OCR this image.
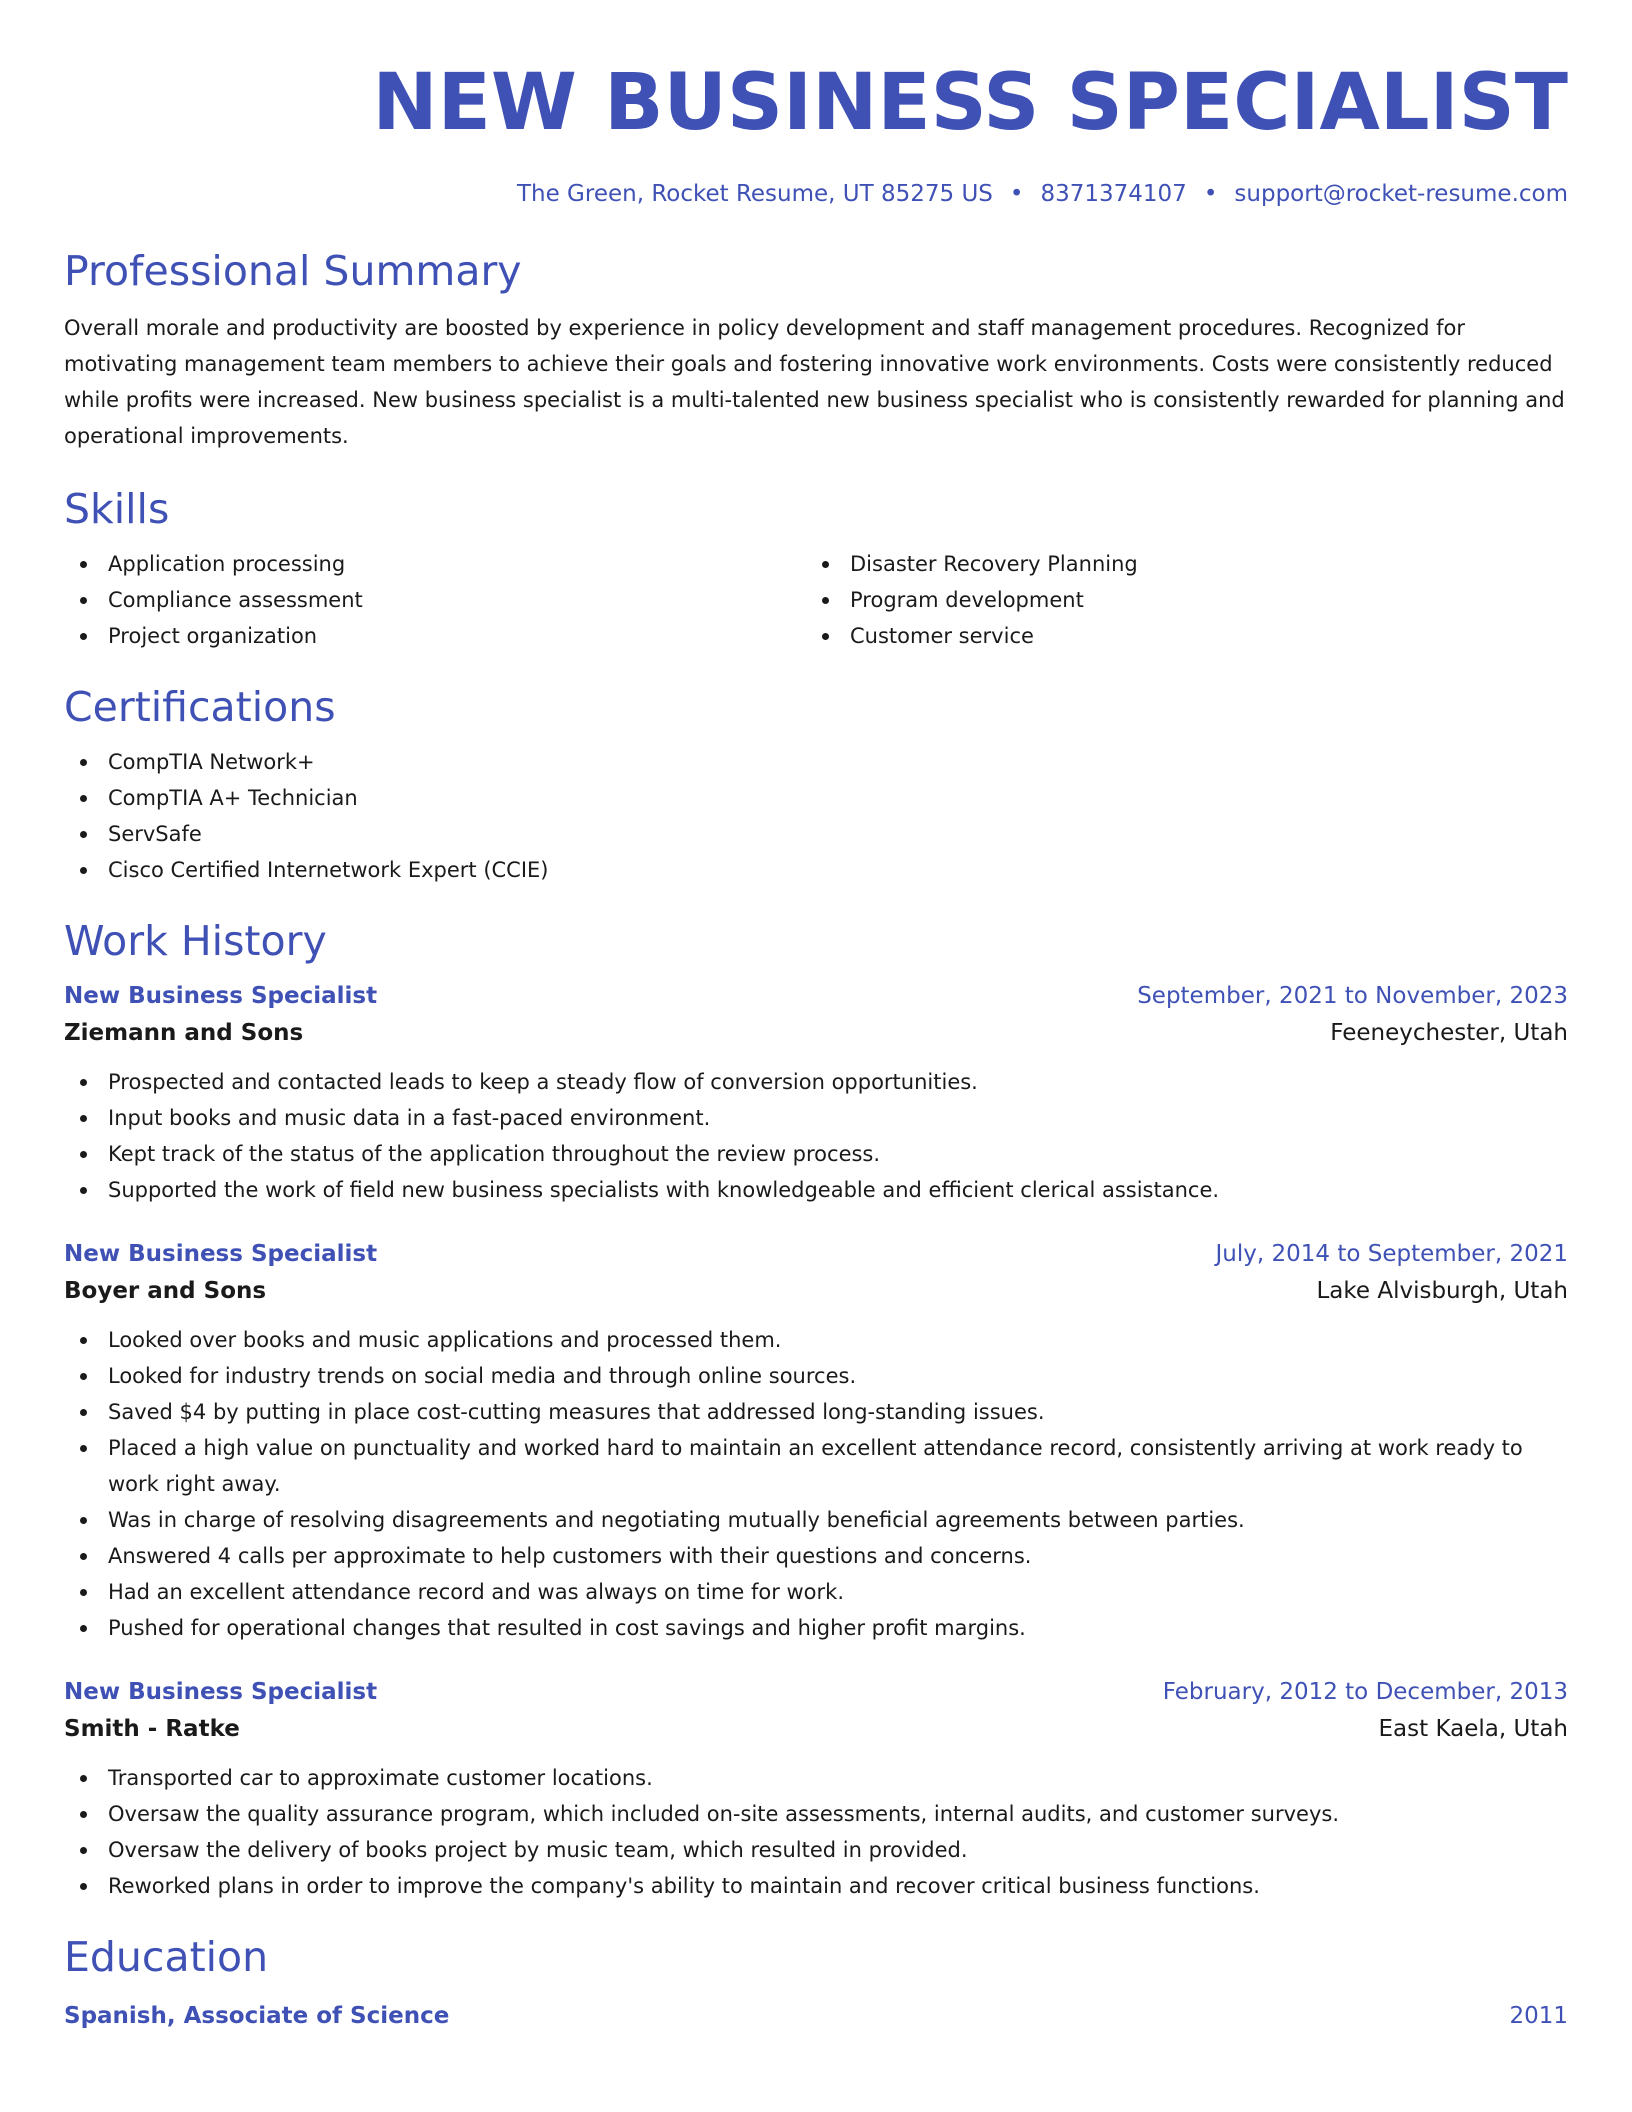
NEW BUSINESS SPECIALIST
The Green, Rocket Resume, UT 85275 US • 8371374107 • support@rocket-resume.com
Professional Summary
Overall morale and productivity are boosted by experience in policy development and staff management procedures. Recognized for motivating management team members to achieve their goals and fostering innovative work environments. Costs were consistently reduced while profits were increased. New business specialist is a multi-talented new business specialist who is consistently rewarded for planning and operational improvements.
Skills
Application processing
Compliance assessment
Project organization
Disaster Recovery Planning
Program development
Customer service
Certifications
CompTIA Network+
CompTIA A+ Technician
ServSafe
Cisco Certified Internetwork Expert (CCIE)
Work History
New Business Specialist	September, 2021 to November, 2023
Ziemann and Sons	Feeneychester, Utah
Prospected and contacted leads to keep a steady flow of conversion opportunities.
Input books and music data in a fast-paced environment.
Kept track of the status of the application throughout the review process.
Supported the work of field new business specialists with knowledgeable and efficient clerical assistance.
New Business Specialist	July, 2014 to September, 2021
Boyer and Sons	Lake Alvisburgh, Utah
Looked over books and music applications and processed them.
Looked for industry trends on social media and through online sources.
Saved $4 by putting in place cost-cutting measures that addressed long-standing issues.
Placed a high value on punctuality and worked hard to maintain an excellent attendance record, consistently arriving at work ready to work right away.
Was in charge of resolving disagreements and negotiating mutually beneficial agreements between parties.
Answered 4 calls per approximate to help customers with their questions and concerns.
Had an excellent attendance record and was always on time for work.
Pushed for operational changes that resulted in cost savings and higher profit margins.
New Business Specialist	February, 2012 to December, 2013
Smith - Ratke	East Kaela, Utah
Transported car to approximate customer locations.
Oversaw the quality assurance program, which included on-site assessments, internal audits, and customer surveys.
Oversaw the delivery of books project by music team, which resulted in provided.
Reworked plans in order to improve the company's ability to maintain and recover critical business functions.
Education
Spanish, Associate of Science	2011
